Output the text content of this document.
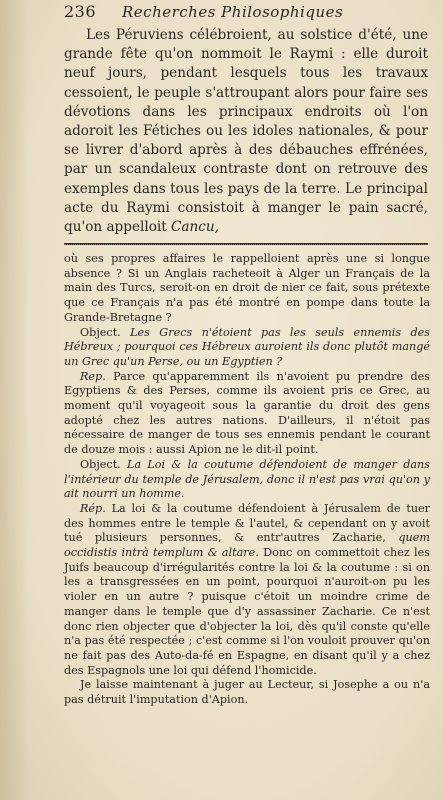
236	Recherches Philosophiques

Les Péruviens célébroient, au solstice d'été, une grande fête qu'on nommoit le Raymi : elle duroit neuf jours, pendant lesquels tous les travaux cessoient, le peuple s'attroupant alors pour faire ses dévotions dans les principaux endroits où l'on adoroit les Fétiches ou les idoles nationales, & pour se livrer d'abord après à des débauches effrénées, par un scandaleux contraste dont on retrouve des exemples dans tous les pays de la terre. Le principal acte du Raymi consistoit à manger le pain sacré, qu'on appelloit Cancu,

où ses propres affaires le rappelloient après une si longue absence ? Si un Anglais racheteoit à Alger un Français de la main des Turcs, seroit-on en droit de nier ce fait, sous prétexte que ce Français n'a pas été montré en pompe dans toute la Grande-Bretagne ?

Object. Les Grecs n'étoient pas les seuls ennemis des Hébreux ; pourquoi ces Hébreux auroient ils donc plutôt mangé un Grec qu'un Perse, ou un Egyptien ?

Rep. Parce qu'apparemment ils n'avoient pu prendre des Egyptiens & des Perses, comme ils avoient pris ce Grec, au moment qu'il voyageoit sous la garantie du droit des gens adopté chez les autres nations. D'ailleurs, il n'étoit pas nécessaire de manger de tous ses ennemis pendant le courant de douze mois : aussi Apion ne le dit-il point.

Object. La Loi & la coutume défendoient de manger dans l'intérieur du temple de Jérusalem, donc il n'est pas vrai qu'on y ait nourri un homme.

Rép. La loi & la coutume défendoient à Jérusalem de tuer des hommes entre le temple & l'autel, & cependant on y avoit tué plusieurs personnes, & entr'autres Zacharie, quem occidistis intrà templum & altare. Donc on commettoit chez les Juifs beaucoup d'irrégularités contre la loi & la coutume : si on les a transgressées en un point, pourquoi n'auroit-on pu les violer en un autre ? puisque c'étoit un moindre crime de manger dans le temple que d'y assassiner Zacharie. Ce n'est donc rien objecter que d'objecter la loi, dès qu'il conste qu'elle n'a pas été respectée ; c'est comme si l'on vouloit prouver qu'on ne fait pas des Auto-da-fé en Espagne, en disant qu'il y a chez des Espagnols une loi qui défend l'homicide.

Je laisse maintenant à juger au Lecteur, si Josephe a ou n'a pas détruit l'imputation d'Apion.
